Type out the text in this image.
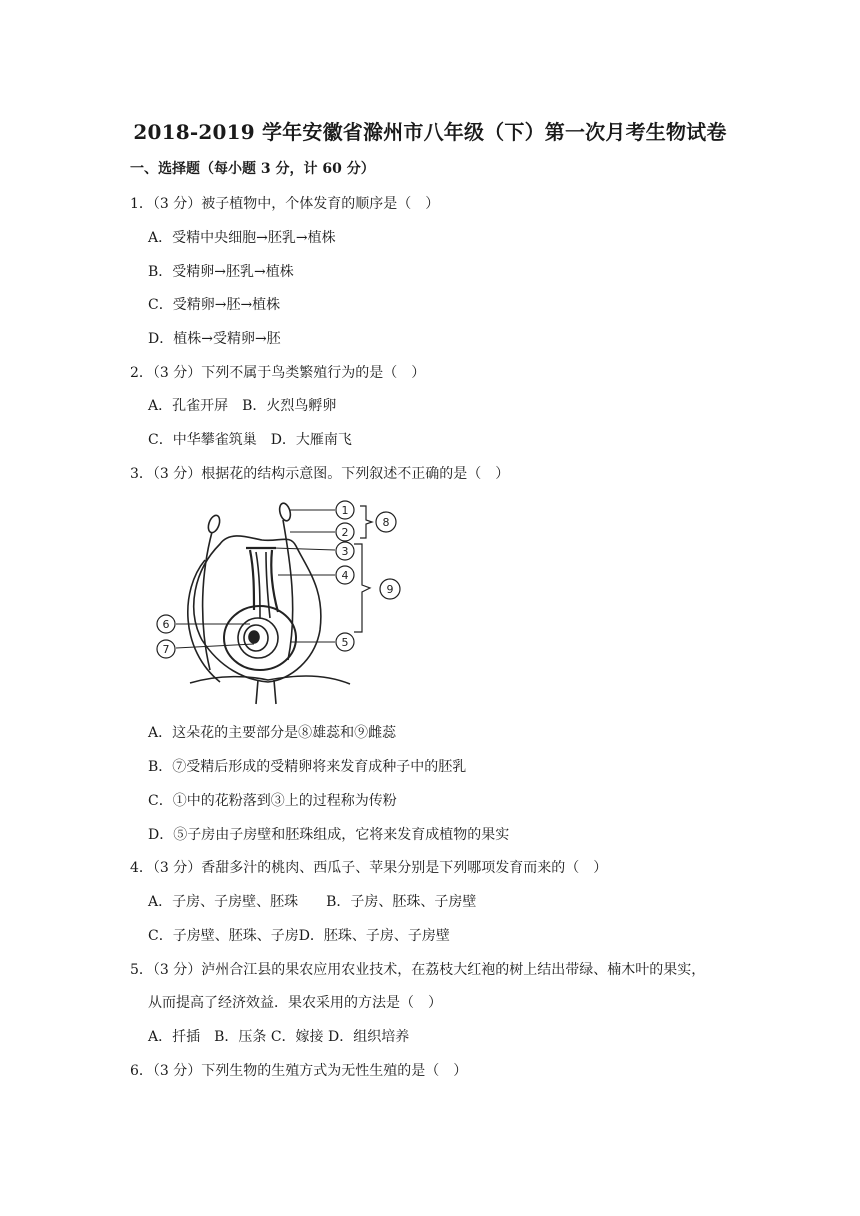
2018-2019 学年安徽省滁州市八年级（下）第一次月考生物试卷
一、选择题（每小题 3 分，计 60 分）
1．（3 分）被子植物中，个体发育的顺序是（　）
A．受精中央细胞→胚乳→植株
B．受精卵→胚乳→植株
C．受精卵→胚→植株
D．植株→受精卵→胚
2．（3 分）下列不属于鸟类繁殖行为的是（　）
A．孔雀开屏　B．火烈鸟孵卵
C．中华攀雀筑巢　D．大雁南飞
3．（3 分）根据花的结构示意图。下列叙述不正确的是（　）
1
2
3
4
5
6
7
8
9
A．这朵花的主要部分是⑧雄蕊和⑨雌蕊
B．⑦受精后形成的受精卵将来发育成种子中的胚乳
C．①中的花粉落到③上的过程称为传粉
D．⑤子房由子房壁和胚珠组成，它将来发育成植物的果实
4．（3 分）香甜多汁的桃肉、西瓜子、苹果分别是下列哪项发育而来的（　）
A．子房、子房壁、胚珠　　B．子房、胚珠、子房壁
C．子房壁、胚珠、子房D．胚珠、子房、子房壁
5．（3 分）泸州合江县的果农应用农业技术，在荔枝大红袍的树上结出带绿、楠木叶的果实，
从而提高了经济效益．果农采用的方法是（　）
A．扦插　B．压条 C．嫁接 D．组织培养
6．（3 分）下列生物的生殖方式为无性生殖的是（　）
